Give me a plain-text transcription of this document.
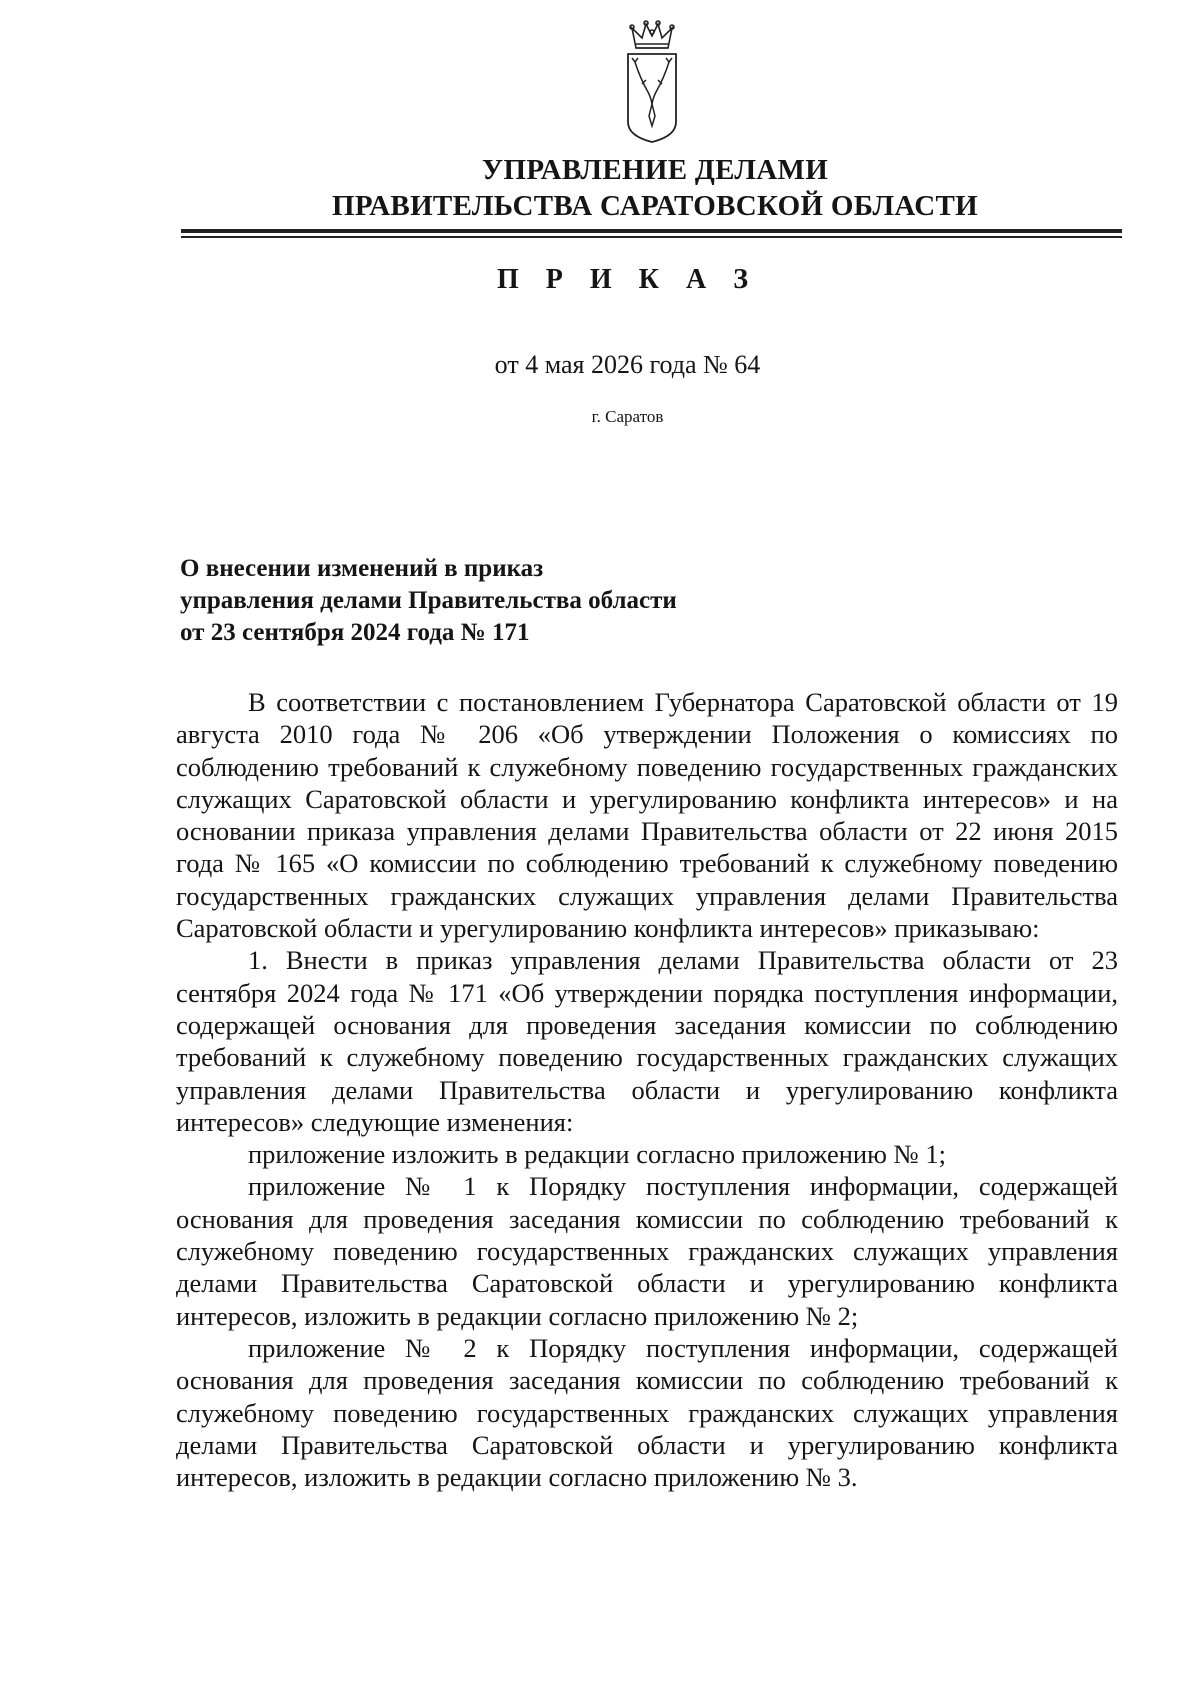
УПРАВЛЕНИЕ ДЕЛАМИ
ПРАВИТЕЛЬСТВА САРАТОВСКОЙ ОБЛАСТИ
П Р И К А З
от 4 мая 2026 года № 64
г. Саратов
О внесении изменений в приказ
управления делами Правительства области
от 23 сентября 2024 года № 171

В соответствии с постановлением Губернатора Саратовской области от 19 августа 2010 года № 206 «Об утверждении Положения о комиссиях по соблюдению требований к служебному поведению государственных гражданских служащих Саратовской области и урегулированию конфликта интересов» и на основании приказа управления делами Правительства области от 22 июня 2015 года № 165 «О комиссии по соблюдению требований к служебному поведению государственных гражданских служащих управления делами Правительства Саратовской области и урегулированию конфликта интересов» приказываю:

1. Внести в приказ управления делами Правительства области от 23 сентября 2024 года № 171 «Об утверждении порядка поступления информации, содержащей основания для проведения заседания комиссии по соблюдению требований к служебному поведению государственных гражданских служащих управления делами Правительства области и урегулированию конфликта интересов» следующие изменения:

приложение изложить в редакции согласно приложению № 1;

приложение № 1 к Порядку поступления информации, содержащей основания для проведения заседания комиссии по соблюдению требований к служебному поведению государственных гражданских служащих управления делами Правительства Саратовской области и урегулированию конфликта интересов, изложить в редакции согласно приложению № 2;

приложение № 2 к Порядку поступления информации, содержащей основания для проведения заседания комиссии по соблюдению требований к служебному поведению государственных гражданских служащих управления делами Правительства Саратовской области и урегулированию конфликта интересов, изложить в редакции согласно приложению № 3.
